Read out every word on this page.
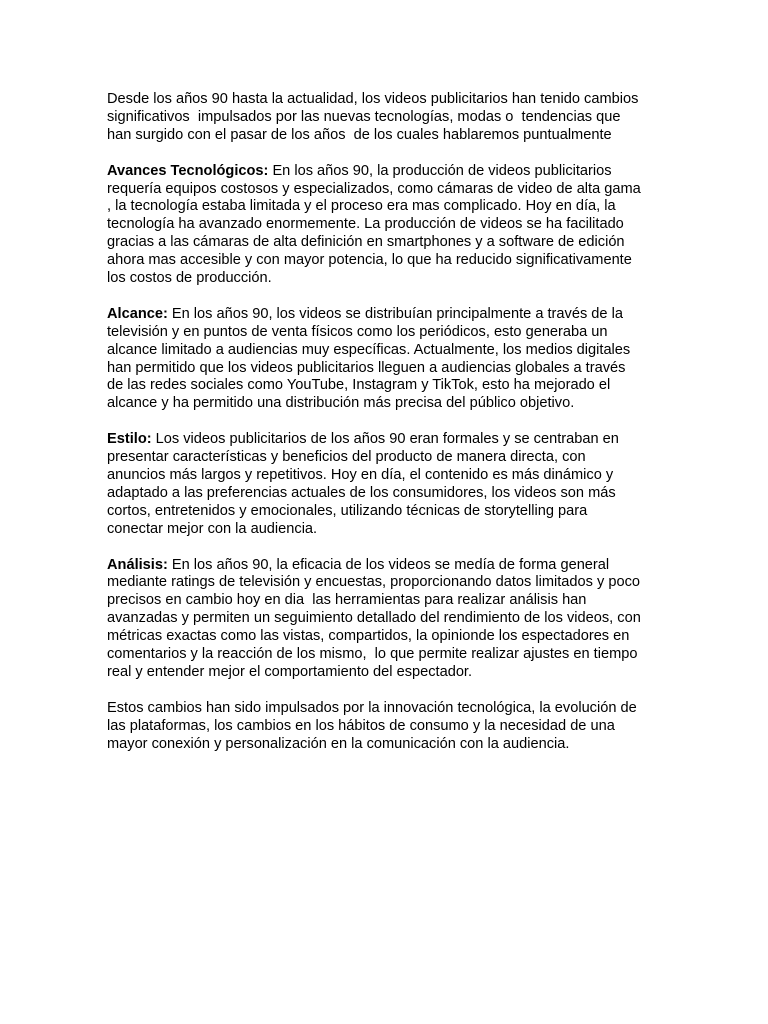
Desde los años 90 hasta la actualidad, los videos publicitarios han tenido cambios
significativos  impulsados por las nuevas tecnologías, modas o  tendencias que
han surgido con el pasar de los años  de los cuales hablaremos puntualmente

Avances Tecnológicos: En los años 90, la producción de videos publicitarios
requería equipos costosos y especializados, como cámaras de video de alta gama
, la tecnología estaba limitada y el proceso era mas complicado. Hoy en día, la
tecnología ha avanzado enormemente. La producción de videos se ha facilitado
gracias a las cámaras de alta definición en smartphones y a software de edición
ahora mas accesible y con mayor potencia, lo que ha reducido significativamente
los costos de producción.

Alcance: En los años 90, los videos se distribuían principalmente a través de la
televisión y en puntos de venta físicos como los periódicos, esto generaba un
alcance limitado a audiencias muy específicas. Actualmente, los medios digitales
han permitido que los videos publicitarios lleguen a audiencias globales a través
de las redes sociales como YouTube, Instagram y TikTok, esto ha mejorado el
alcance y ha permitido una distribución más precisa del público objetivo.

Estilo: Los videos publicitarios de los años 90 eran formales y se centraban en
presentar características y beneficios del producto de manera directa, con
anuncios más largos y repetitivos. Hoy en día, el contenido es más dinámico y
adaptado a las preferencias actuales de los consumidores, los videos son más
cortos, entretenidos y emocionales, utilizando técnicas de storytelling para
conectar mejor con la audiencia.

Análisis: En los años 90, la eficacia de los videos se medía de forma general
mediante ratings de televisión y encuestas, proporcionando datos limitados y poco
precisos en cambio hoy en dia  las herramientas para realizar análisis han
avanzadas y permiten un seguimiento detallado del rendimiento de los videos, con
métricas exactas como las vistas, compartidos, la opinionde los espectadores en
comentarios y la reacción de los mismo,  lo que permite realizar ajustes en tiempo
real y entender mejor el comportamiento del espectador.

Estos cambios han sido impulsados por la innovación tecnológica, la evolución de
las plataformas, los cambios en los hábitos de consumo y la necesidad de una
mayor conexión y personalización en la comunicación con la audiencia.
